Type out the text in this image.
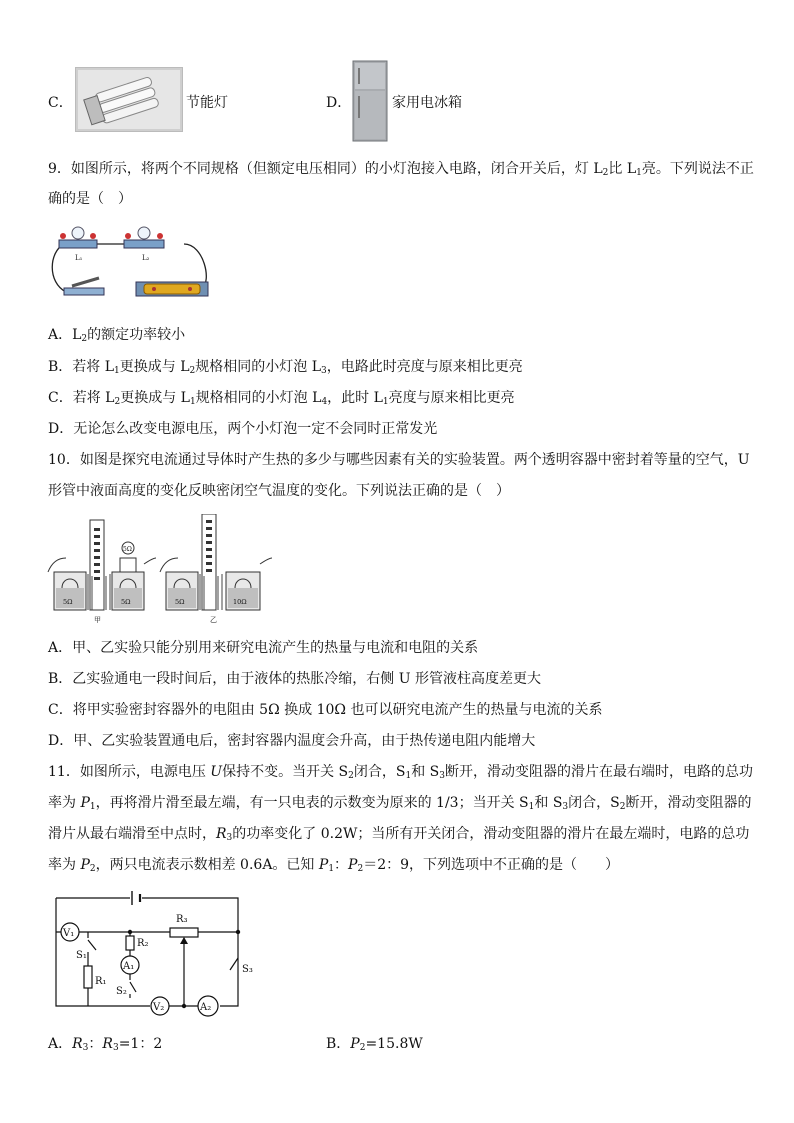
C．	节能灯	D．	家用电冰箱
9．如图所示，将两个不同规格（但额定电压相同）的小灯泡接入电路，闭合开关后，灯 $L_2$比 $L_1$亮。下列说法不正
确的是（　）
L₁	L₂
A．$L_2$的额定功率较小
B．若将 $L_1$更换成与 $L_2$规格相同的小灯泡 $L_3$，电路此时亮度与原来相比更亮
C．若将 $L_2$更换成与 $L_1$规格相同的小灯泡 $L_4$，此时 $L_1$亮度与原来相比更亮
D．无论怎么改变电源电压，两个小灯泡一定不会同时正常发光
10．如图是探究电流通过导体时产生热的多少与哪些因素有关的实验装置。两个透明容器中密封着等量的空气，U
形管中液面高度的变化反映密闭空气温度的变化。下列说法正确的是（　）
5Ω	5Ω
5Ω
甲
5Ω	10Ω
乙
A．甲、乙实验只能分别用来研究电流产生的热量与电流和电阻的关系
B．乙实验通电一段时间后，由于液体的热胀冷缩，右侧 U 形管液柱高度差更大
C．将甲实验密封容器外的电阻由 5Ω 换成 10Ω 也可以研究电流产生的热量与电流的关系
D．甲、乙实验装置通电后，密封容器内温度会升高，由于热传递电阻内能增大
11．如图所示，电源电压 U保持不变。当开关 $S_2$闭合，$S_1$和 $S_3$断开，滑动变阻器的滑片在最右端时，电路的总功
率为 $P_1$，再将滑片滑至最左端，有一只电表的示数变为原来的 1/3；当开关 $S_1$和 $S_3$闭合，$S_2$断开，滑动变阻器的
滑片从最右端滑至中点时，$R_3$的功率变化了 0.2W；当所有开关闭合，滑动变阻器的滑片在最左端时，电路的总功
率为 $P_2$，两只电流表示数相差 0.6A。已知 $P_1$：$P_2=2$：9，下列选项中不正确的是（　　）
V₁
S₁
R₁
R₂
A₁
S₂
V₂	A₂
R₃
S₃
A．$R_3$：$R_3=1$：2	B．$P_2=15.8W$
